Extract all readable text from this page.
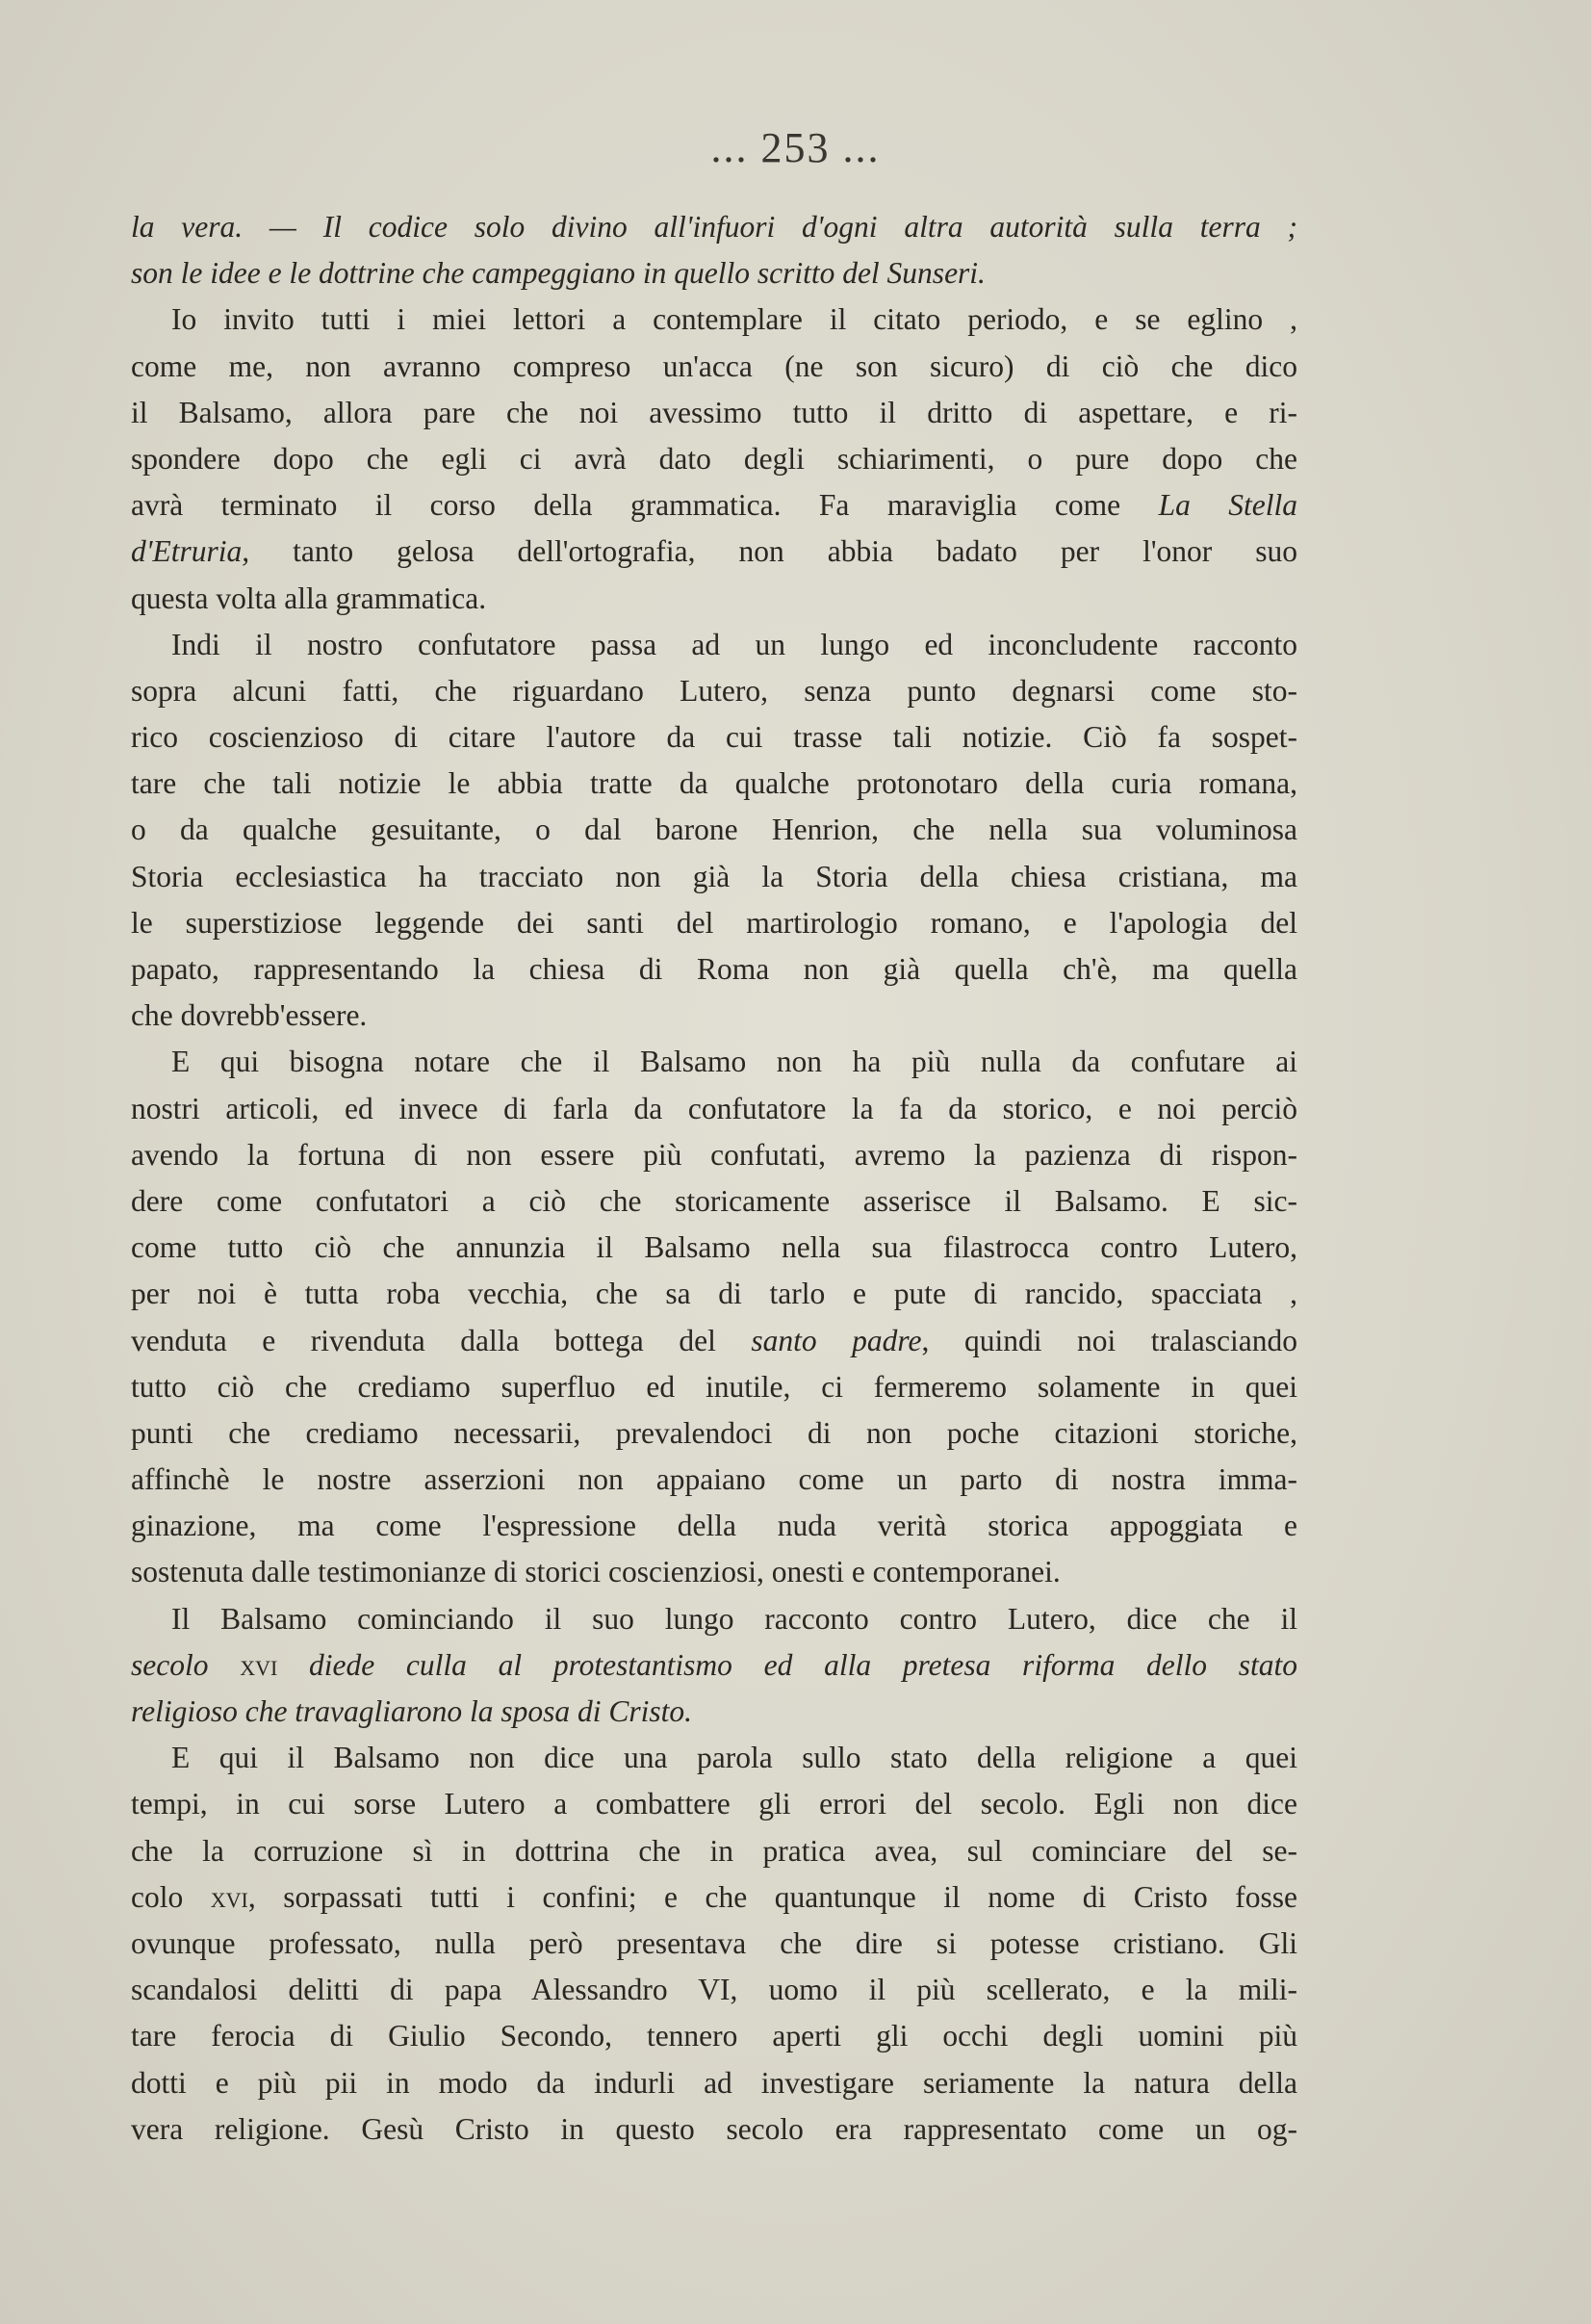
... 253 ...
la vera. — Il codice solo divino all'infuori d'ogni altra autorità sulla terra ;
son le idee e le dottrine che campeggiano in quello scritto del Sunseri.
Io invito tutti i miei lettori a contemplare il citato periodo, e se eglino ,
come me, non avranno compreso un'acca (ne son sicuro) di ciò che dico
il Balsamo, allora pare che noi avessimo tutto il dritto di aspettare, e ri-
spondere dopo che egli ci avrà dato degli schiarimenti, o pure dopo che
avrà terminato il corso della grammatica. Fa maraviglia come La Stella
d'Etruria, tanto gelosa dell'ortografia, non abbia badato per l'onor suo
questa volta alla grammatica.
Indi il nostro confutatore passa ad un lungo ed inconcludente racconto
sopra alcuni fatti, che riguardano Lutero, senza punto degnarsi come sto-
rico coscienzioso di citare l'autore da cui trasse tali notizie. Ciò fa sospet-
tare che tali notizie le abbia tratte da qualche protonotaro della curia romana,
o da qualche gesuitante, o dal barone Henrion, che nella sua voluminosa
Storia ecclesiastica ha tracciato non già la Storia della chiesa cristiana, ma
le superstiziose leggende dei santi del martirologio romano, e l'apologia del
papato, rappresentando la chiesa di Roma non già quella ch'è, ma quella
che dovrebb'essere.
E qui bisogna notare che il Balsamo non ha più nulla da confutare ai
nostri articoli, ed invece di farla da confutatore la fa da storico, e noi perciò
avendo la fortuna di non essere più confutati, avremo la pazienza di rispon-
dere come confutatori a ciò che storicamente asserisce il Balsamo. E sic-
come tutto ciò che annunzia il Balsamo nella sua filastrocca contro Lutero,
per noi è tutta roba vecchia, che sa di tarlo e pute di rancido, spacciata ,
venduta e rivenduta dalla bottega del santo padre, quindi noi tralasciando
tutto ciò che crediamo superfluo ed inutile, ci fermeremo solamente in quei
punti che crediamo necessarii, prevalendoci di non poche citazioni storiche,
affinchè le nostre asserzioni non appaiano come un parto di nostra imma-
ginazione, ma come l'espressione della nuda verità storica appoggiata e
sostenuta dalle testimonianze di storici coscienziosi, onesti e contemporanei.
Il Balsamo cominciando il suo lungo racconto contro Lutero, dice che il
secolo xvi diede culla al protestantismo ed alla pretesa riforma dello stato
religioso che travagliarono la sposa di Cristo.
E qui il Balsamo non dice una parola sullo stato della religione a quei
tempi, in cui sorse Lutero a combattere gli errori del secolo. Egli non dice
che la corruzione sì in dottrina che in pratica avea, sul cominciare del se-
colo xvi, sorpassati tutti i confini; e che quantunque il nome di Cristo fosse
ovunque professato, nulla però presentava che dire si potesse cristiano. Gli
scandalosi delitti di papa Alessandro VI, uomo il più scellerato, e la mili-
tare ferocia di Giulio Secondo, tennero aperti gli occhi degli uomini più
dotti e più pii in modo da indurli ad investigare seriamente la natura della
vera religione. Gesù Cristo in questo secolo era rappresentato come un og-
